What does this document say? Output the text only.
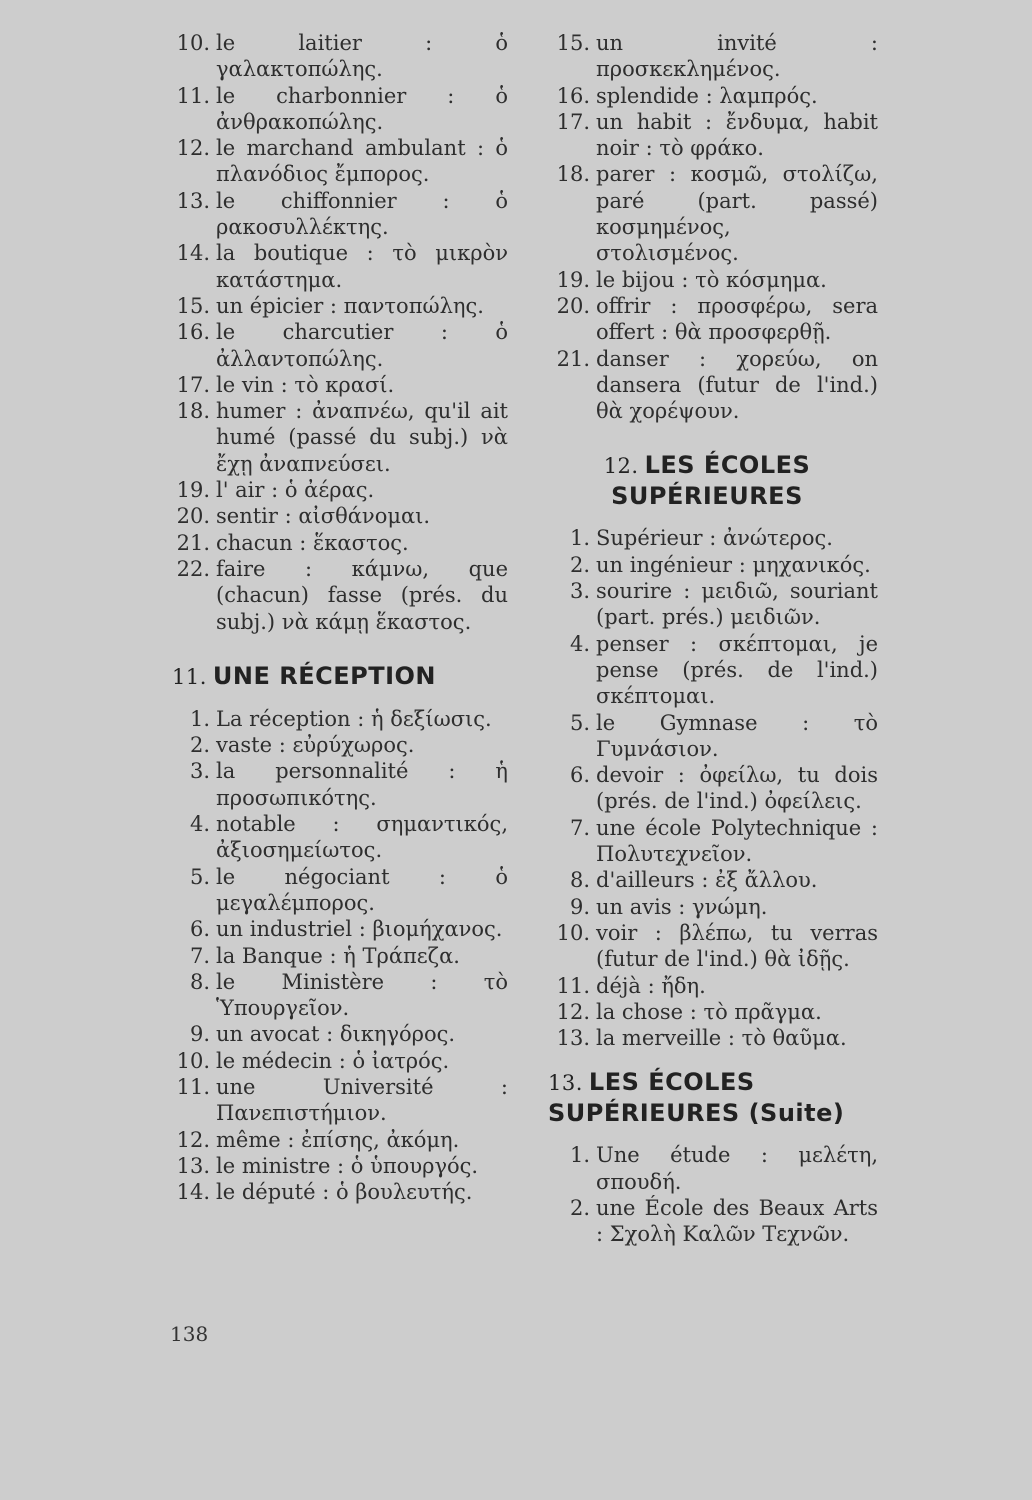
10. le laitier : ὁ γαλακτοπώλης.
11. le charbonnier : ὁ ἀνθρακοπώλης.
12. le marchand ambulant : ὁ πλανόδιος ἔμπορος.
13. le chiffonnier : ὁ ρακοσυλλέκτης.
14. la boutique : τὸ μικρὸν κατάστημα.
15. un épicier : παντοπώλης.
16. le charcutier : ὁ ἀλλαντοπώλης.
17. le vin : τὸ κρασί.
18. humer : ἀναπνέω, qu'il ait humé (passé du subj.) νὰ ἔχῃ ἀναπνεύσει.
19. l' air : ὁ ἀέρας.
20. sentir : αἰσθάνομαι.
21. chacun : ἕκαστος.
22. faire : κάμνω, que (chacun) fasse (prés. du subj.) νὰ κάμῃ ἕκαστος.
11. UNE RÉCEPTION
1. La réception : ἡ δεξίωσις.
2. vaste : εὐρύχωρος.
3. la personnalité : ἡ προσωπικότης.
4. notable : σημαντικός, ἀξιοσημείωτος.
5. le négociant : ὁ μεγαλέμπορος.
6. un industriel : βιομήχανος.
7. la Banque : ἡ Τράπεζα.
8. le Ministère : τὸ Ὑπουργεῖον.
9. un avocat : δικηγόρος.
10. le médecin : ὁ ἰατρός.
11. une Université : Πανεπιστήμιον.
12. même : ἐπίσης, ἀκόμη.
13. le ministre : ὁ ὑπουργός.
14. le député : ὁ βουλευτής.
15. un invité : προσκεκλημένος.
16. splendide : λαμπρός.
17. un habit : ἔνδυμα, habit noir : τὸ φράκο.
18. parer : κοσμῶ, στολίζω, paré (part. passé) κοσμημένος, στολισμένος.
19. le bijou : τὸ κόσμημα.
20. offrir : προσφέρω, sera offert : θὰ προσφερθῇ.
21. danser : χορεύω, on dansera (futur de l'ind.) θὰ χορέψουν.
12. LES ÉCOLES SUPÉRIEURES
1. Supérieur : ἀνώτερος.
2. un ingénieur : μηχανικός.
3. sourire : μειδιῶ, souriant (part. prés.) μειδιῶν.
4. penser : σκέπτομαι, je pense (prés. de l'ind.) σκέπτομαι.
5. le Gymnase : τὸ Γυμνάσιον.
6. devoir : ὀφείλω, tu dois (prés. de l'ind.) ὀφείλεις.
7. une école Polytechnique : Πολυτεχνεῖον.
8. d'ailleurs : ἐξ ἄλλου.
9. un avis : γνώμη.
10. voir : βλέπω, tu verras (futur de l'ind.) θὰ ἰδῇς.
11. déjà : ἤδη.
12. la chose : τὸ πρᾶγμα.
13. la merveille : τὸ θαῦμα.
13. LES ÉCOLES SUPÉRIEURES (Suite)
1. Une étude : μελέτη, σπουδή.
2. une École des Beaux Arts : Σχολὴ Καλῶν Τεχνῶν.
138
